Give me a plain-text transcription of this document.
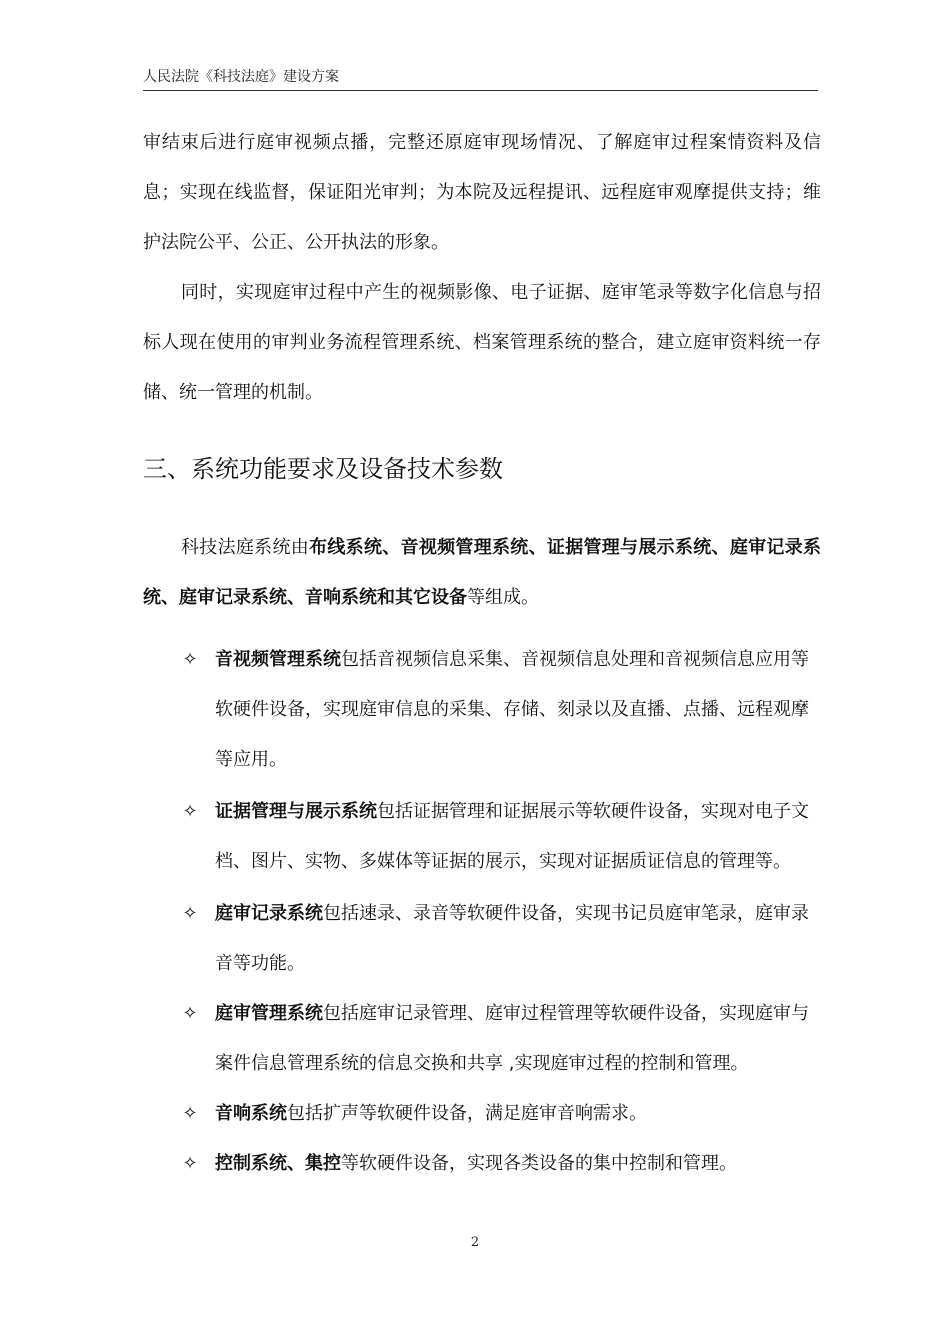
人民法院《科技法庭》建设方案

审结束后进行庭审视频点播，完整还原庭审现场情况、了解庭审过程案情资料及信息；实现在线监督，保证阳光审判；为本院及远程提讯、远程庭审观摩提供支持；维护法院公平、公正、公开执法的形象。

同时，实现庭审过程中产生的视频影像、电子证据、庭审笔录等数字化信息与招标人现在使用的审判业务流程管理系统、档案管理系统的整合，建立庭审资料统一存储、统一管理的机制。

三、系统功能要求及设备技术参数

科技法庭系统由布线系统、音视频管理系统、证据管理与展示系统、庭审记录系统、庭审记录系统、音响系统和其它设备等组成。

✧ 音视频管理系统包括音视频信息采集、音视频信息处理和音视频信息应用等软硬件设备，实现庭审信息的采集、存储、刻录以及直播、点播、远程观摩等应用。
✧ 证据管理与展示系统包括证据管理和证据展示等软硬件设备，实现对电子文档、图片、实物、多媒体等证据的展示，实现对证据质证信息的管理等。
✧ 庭审记录系统包括速录、录音等软硬件设备，实现书记员庭审笔录，庭审录音等功能。
✧ 庭审管理系统包括庭审记录管理、庭审过程管理等软硬件设备，实现庭审与案件信息管理系统的信息交换和共享 ,实现庭审过程的控制和管理。
✧ 音响系统包括扩声等软硬件设备，满足庭审音响需求。
✧ 控制系统、集控等软硬件设备，实现各类设备的集中控制和管理。
2
